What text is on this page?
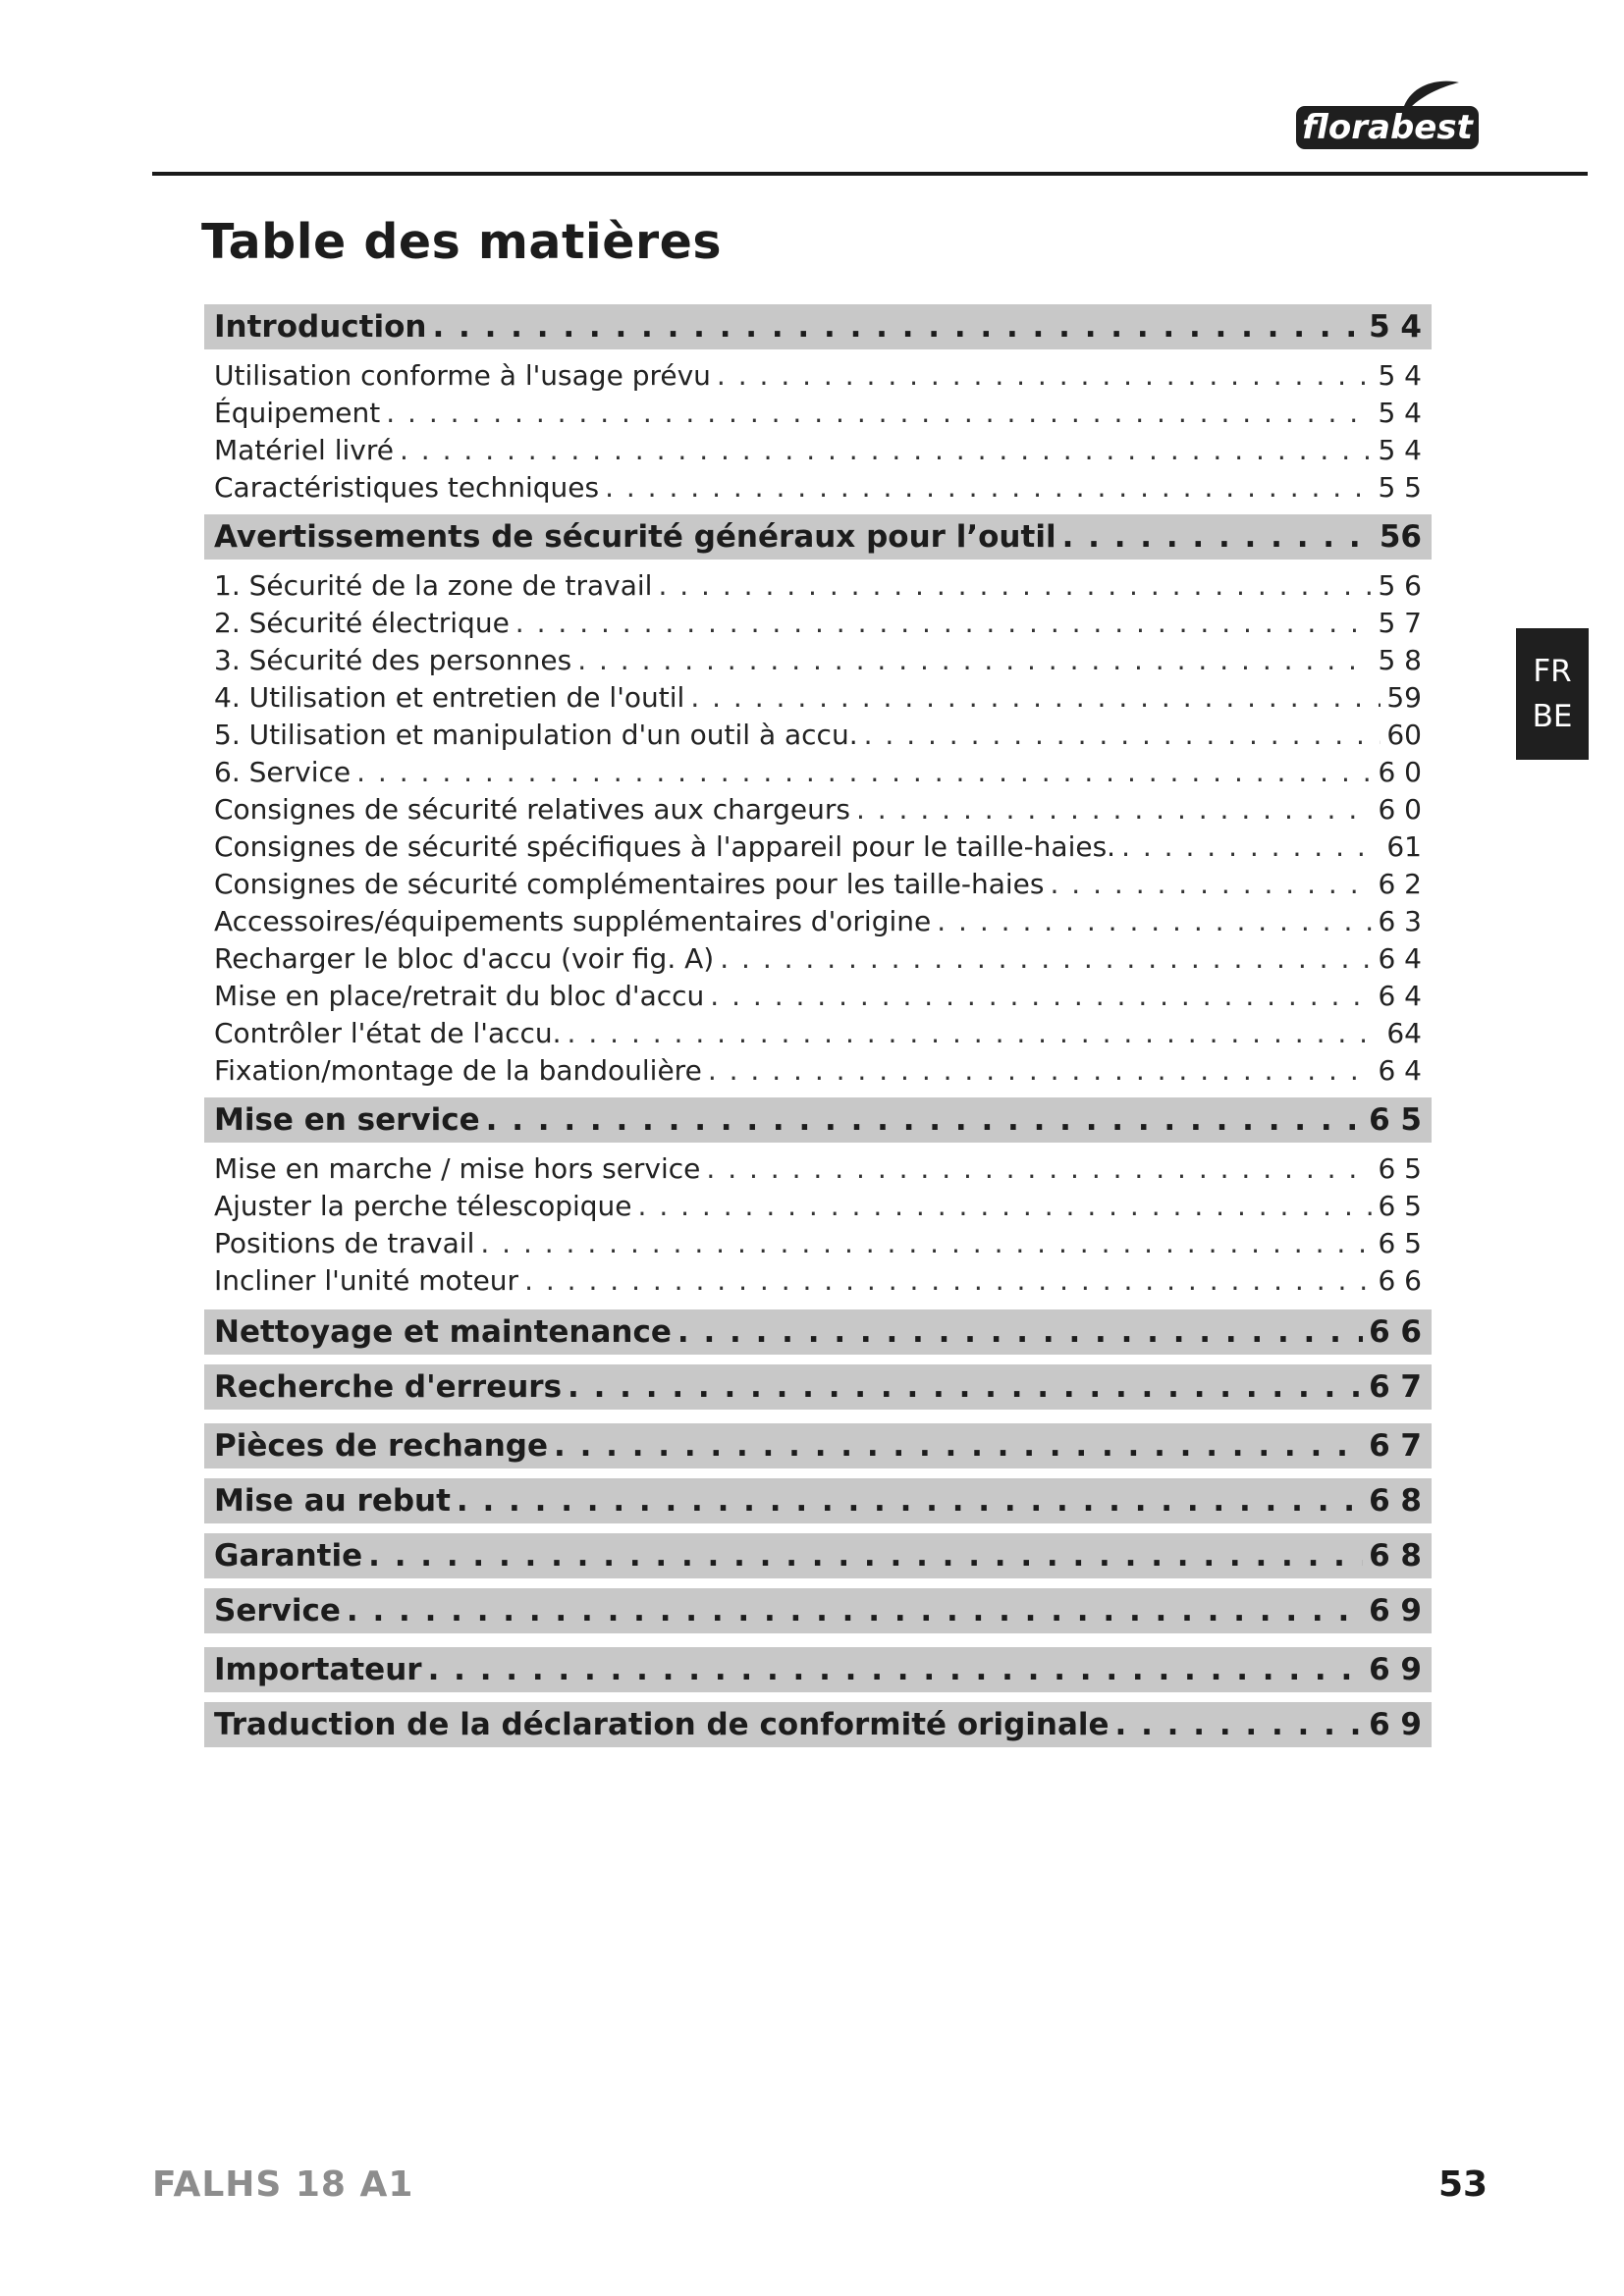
florabest
Table des matières
FR
BE
Introduction . . .	5 4
Utilisation conforme à l'usage prévu . . .	5 4
Équipement . . .	5 4
Matériel livré . . .	5 4
Caractéristiques techniques . . .	5 5
Avertissements de sécurité généraux pour l’outil . . .	56
1. Sécurité de la zone de travail . . .	5 6
2. Sécurité électrique . . .	5 7
3. Sécurité des personnes . . .	5 8
4. Utilisation et entretien de l'outil . . .	59
5. Utilisation et manipulation d'un outil à accu. . . .	60
6. Service . . .	6 0
Consignes de sécurité relatives aux chargeurs . . .	6 0
Consignes de sécurité spécifiques à l'appareil pour le taille-haies. . . .	61
Consignes de sécurité complémentaires pour les taille-haies . . .	6 2
Accessoires/équipements supplémentaires d'origine . . .	6 3
Recharger le bloc d'accu (voir fig. A) . . .	6 4
Mise en place/retrait du bloc d'accu . . .	6 4
Contrôler l'état de l'accu. . . .	64
Fixation/montage de la bandoulière . . .	6 4
Mise en service . . .	6 5
Mise en marche / mise hors service . . .	6 5
Ajuster la perche télescopique . . .	6 5
Positions de travail . . .	6 5
Incliner l'unité moteur . . .	6 6
Nettoyage et maintenance . . .	6 6
Recherche d'erreurs . . .	6 7
Pièces de rechange . . .	6 7
Mise au rebut . . .	6 8
Garantie . . .	6 8
Service . . .	6 9
Importateur . . .	6 9
Traduction de la déclaration de conformité originale . . .	6 9
FALHS 18 A1	53
